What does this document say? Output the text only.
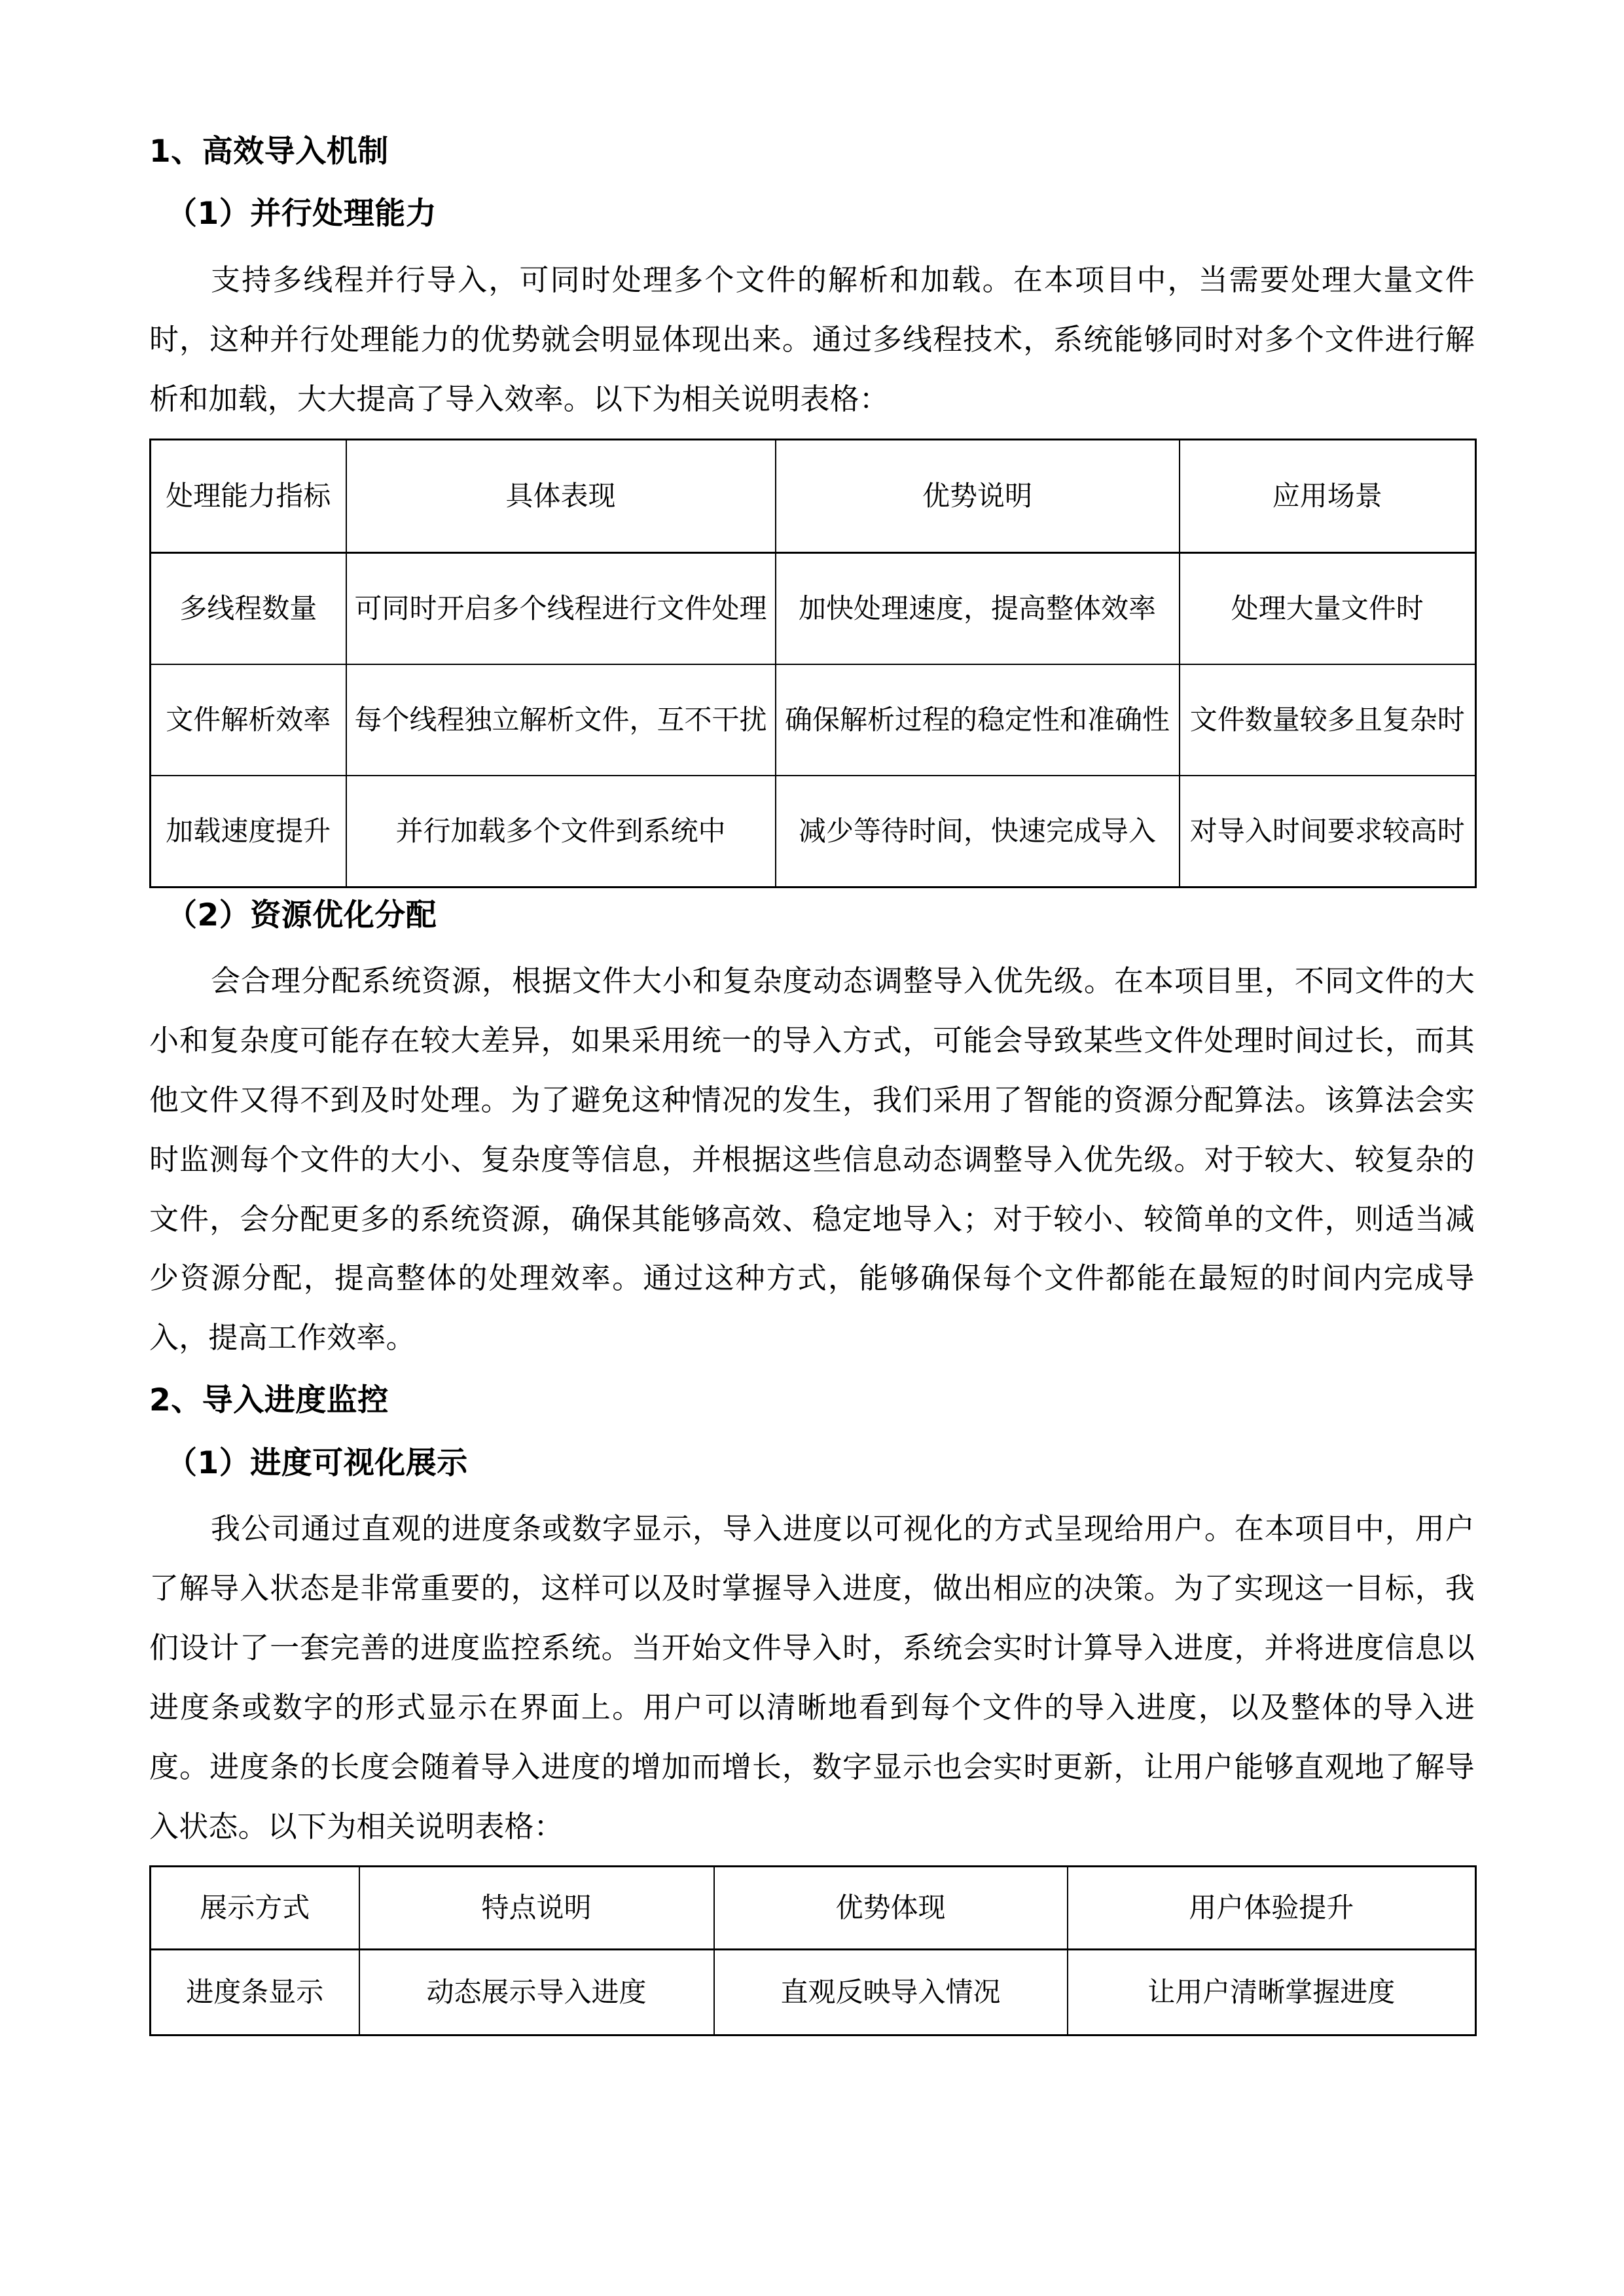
1、高效导入机制
（1）并行处理能力

支持多线程并行导入，可同时处理多个文件的解析和加载。在本项目中，当需要处理大量文件时，这种并行处理能力的优势就会明显体现出来。通过多线程技术，系统能够同时对多个文件进行解析和加载，大大提高了导入效率。以下为相关说明表格：

处理能力指标	具体表现	优势说明	应用场景
多线程数量	可同时开启多个线程进行文件处理	加快处理速度，提高整体效率	处理大量文件时
文件解析效率	每个线程独立解析文件，互不干扰	确保解析过程的稳定性和准确性	文件数量较多且复杂时
加载速度提升	并行加载多个文件到系统中	减少等待时间，快速完成导入	对导入时间要求较高时
（2）资源优化分配

会合理分配系统资源，根据文件大小和复杂度动态调整导入优先级。在本项目里，不同文件的大小和复杂度可能存在较大差异，如果采用统一的导入方式，可能会导致某些文件处理时间过长，而其他文件又得不到及时处理。为了避免这种情况的发生，我们采用了智能的资源分配算法。该算法会实时监测每个文件的大小、复杂度等信息，并根据这些信息动态调整导入优先级。对于较大、较复杂的文件，会分配更多的系统资源，确保其能够高效、稳定地导入；对于较小、较简单的文件，则适当减少资源分配，提高整体的处理效率。通过这种方式，能够确保每个文件都能在最短的时间内完成导入，提高工作效率。

2、导入进度监控
（1）进度可视化展示

我公司通过直观的进度条或数字显示，导入进度以可视化的方式呈现给用户。在本项目中，用户了解导入状态是非常重要的，这样可以及时掌握导入进度，做出相应的决策。为了实现这一目标，我们设计了一套完善的进度监控系统。当开始文件导入时，系统会实时计算导入进度，并将进度信息以进度条或数字的形式显示在界面上。用户可以清晰地看到每个文件的导入进度，以及整体的导入进度。进度条的长度会随着导入进度的增加而增长，数字显示也会实时更新，让用户能够直观地了解导入状态。以下为相关说明表格：

展示方式	特点说明	优势体现	用户体验提升
进度条显示	动态展示导入进度	直观反映导入情况	让用户清晰掌握进度
